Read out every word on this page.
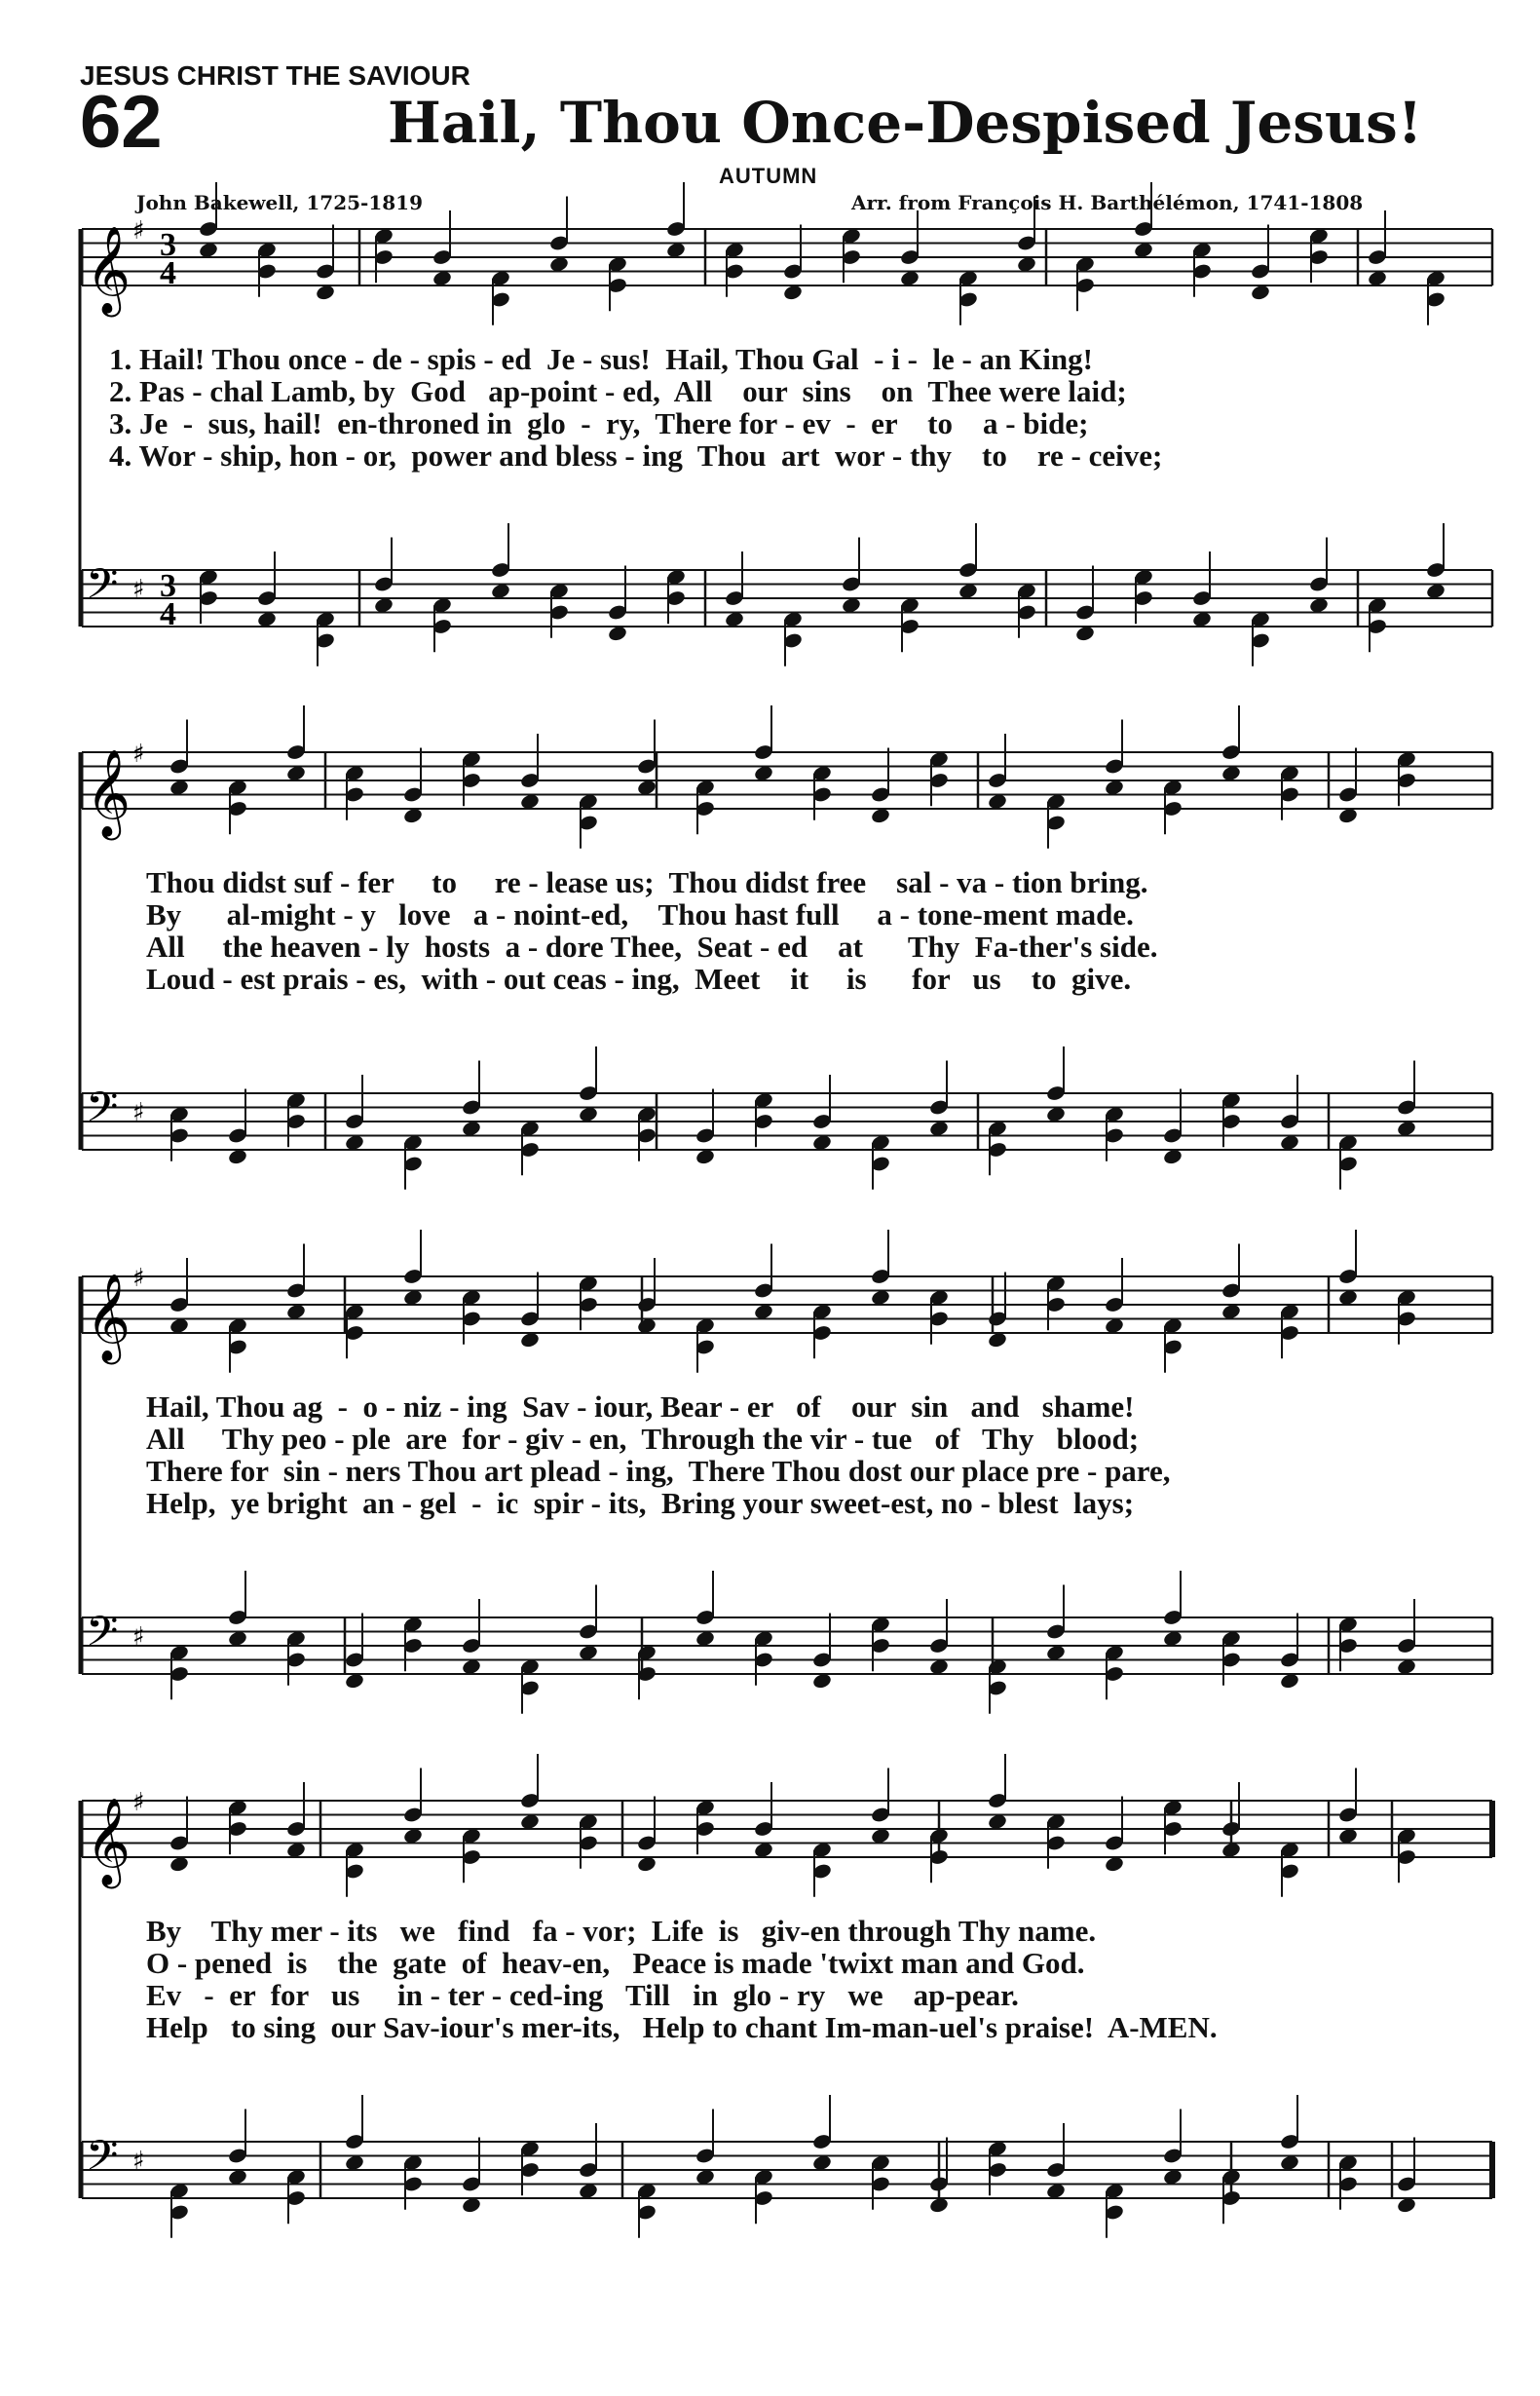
JESUS CHRIST THE SAVIOUR
62	Hail, Thou Once-Despised Jesus!
AUTUMN
John Bakewell, 1725-1819	Arr. from François H. Barthélémon, 1741-1808
𝄞 ♯ 3
4
𝄢 ♯ 3
4
1. Hail! Thou once - de - spis - ed  Je - sus!  Hail, Thou Gal  - i -  le - an King!
2. Pas - chal Lamb, by  God   ap-point - ed,  All    our  sins    on  Thee were laid;
3. Je  -  sus, hail!  en-throned in  glo  -  ry,  There for - ev  -  er    to    a - bide;
4. Wor - ship, hon - or,  power and bless - ing  Thou  art  wor - thy    to    re - ceive;
𝄞 ♯
𝄢 ♯
Thou didst suf - fer     to     re - lease us;  Thou didst free    sal - va - tion bring.
By      al-might - y   love   a - noint-ed,    Thou hast full     a - tone-ment made.
All     the heaven - ly  hosts  a - dore Thee,  Seat - ed    at      Thy  Fa-ther's side.
Loud - est prais - es,  with - out ceas - ing,  Meet    it     is      for   us    to  give.
𝄞 ♯
𝄢 ♯
Hail, Thou ag  -  o - niz - ing  Sav - iour, Bear - er   of    our  sin   and   shame!
All     Thy peo - ple  are  for - giv - en,  Through the vir - tue   of   Thy   blood;
There for  sin - ners Thou art plead - ing,  There Thou dost our place pre - pare,
Help,  ye bright  an - gel  -  ic  spir - its,  Bring your sweet-est, no - blest  lays;
𝄞 ♯
𝄢 ♯
By    Thy mer - its   we   find   fa - vor;  Life  is   giv-en through Thy name.
O - pened  is    the  gate  of  heav-en,   Peace is made 'twixt man and God.
Ev   -  er  for   us     in - ter - ced-ing   Till   in  glo - ry   we    ap-pear.
Help   to sing  our Sav-iour's mer-its,   Help to chant Im-man-uel's praise!  A-MEN.
